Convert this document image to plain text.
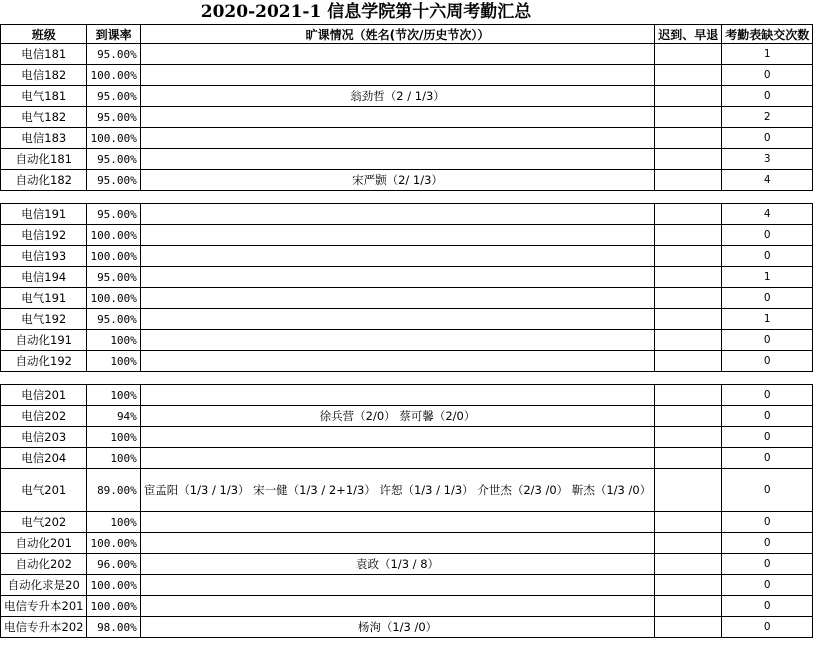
2020-2021-1 信息学院第十六周考勤汇总
班级	到课率	旷课情况（姓名(节次/历史节次））	迟到、早退	考勤表缺交次数
电信181	95.00%			1
电信182	100.00%			0
电气181	95.00%	翁劲哲（2 / 1/3）		0
电气182	95.00%			2
电信183	100.00%			0
自动化181	95.00%			3
自动化182	95.00%	宋严颢（2/ 1/3）		4

电信191	95.00%			4
电信192	100.00%			0
电信193	100.00%			0
电信194	95.00%			1
电气191	100.00%			0
电气192	95.00%			1
自动化191	100%			0
自动化192	100%			0

电信201	100%			0
电信202	94%	徐兵营（2/0） 蔡可馨（2/0）		0
电信203	100%			0
电信204	100%			0
电气201	89.00%	宦孟阳（1/3 / 1/3） 宋一健（1/3 / 2+1/3） 许恕（1/3 / 1/3） 介世杰（2/3 /0） 靳杰（1/3 /0）		0
电气202	100%			0
自动化201	100.00%			0
自动化202	96.00%	袁政（1/3 / 8）		0
自动化求是20	100.00%			0
电信专升本201	100.00%			0
电信专升本202	98.00%	杨洵（1/3 /0）		0
